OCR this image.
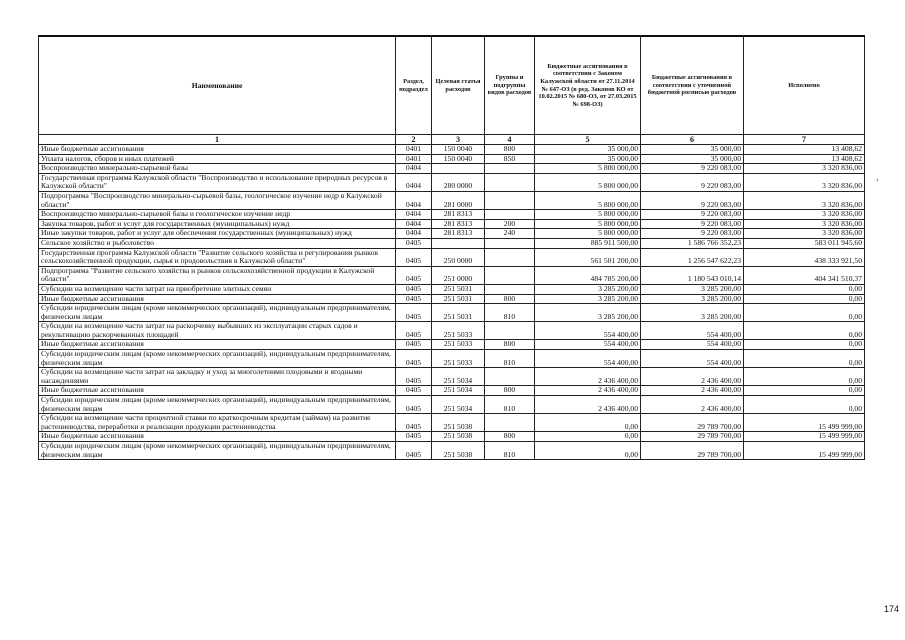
Наименование	Раздел, подраздел	Целевая статья расходов	Группы и подгруппы видов расходов	Бюджетные ассигнования в соответствии с Законом Калужской области от 27.11.2014 № 647-ОЗ (в ред. Законов КО от 10.02.2015 № 680-ОЗ, от 27.03.2015 № 698-ОЗ)	Бюджетные ассигнования в соответствии с уточненной бюджетной росписью расходов	Исполнено
1	2	3	4	5	6	7
Иные бюджетные ассигнования	0401	150 0040	800	35 000,00	35 000,00	13 408,62
Уплата налогов, сборов и иных платежей	0401	150 0040	850	35 000,00	35 000,00	13 408,62
Воспроизводство минерально-сырьевой базы	0404			5 800 000,00	9 220 083,00	3 320 836,00
Государственная программа Калужской области "Воспроизводство и использование природных ресурсов в Калужской области"	0404	280 0000		5 800 000,00	9 220 083,00	3 320 836,00
Подпрограмма "Воспроизводство минерально-сырьевой базы, геологическое изучение недр в Калужской области"	0404	281 0000		5 800 000,00	9 220 083,00	3 320 836,00
Воспроизводство минерально-сырьевой базы и геологическое изучение недр	0404	281 8313		5 800 000,00	9 220 083,00	3 320 836,00
Закупка товаров, работ и услуг для государственных (муниципальных) нужд	0404	281 8313	200	5 800 000,00	9 220 083,00	3 320 836,00
Иные закупки товаров, работ и услуг для обеспечения государственных (муниципальных) нужд	0404	281 8313	240	5 800 000,00	9 220 083,00	3 320 836,00
Сельское хозяйство и рыболовство	0405			885 911 500,00	1 586 766 352,23	583 011 945,60
Государственная программа Калужской области "Развитие сельского хозяйства и регулирования рынков сельскохозяйственной продукции, сырья и продовольствия в Калужской области"	0405	250 0000		561 501 200,00	1 256 547 622,23	438 333 921,50
Подпрограмма "Развитие сельского хозяйства и рынков сельскохозяйственной продукции в Калужской области"	0405	251 0000		484 785 200,00	1 180 543 010,14	404 341 510,37
Субсидии на возмещение части затрат на приобретение элитных семян	0405	251 5031		3 285 200,00	3 285 200,00	0,00
Иные бюджетные ассигнования	0405	251 5031	800	3 285 200,00	3 285 200,00	0,00
Субсидии юридическим лицам (кроме некоммерческих организаций), индивидуальным предпринимателям, физическим лицам	0405	251 5031	810	3 285 200,00	3 285 200,00	0,00
Субсидии на возмещение части затрат на раскорчевку выбывших из эксплуатации старых садов и рекультивацию раскорчеванных площадей	0405	251 5033		554 400,00	554 400,00	0,00
Иные бюджетные ассигнования	0405	251 5033	800	554 400,00	554 400,00	0,00
Субсидии юридическим лицам (кроме некоммерческих организаций), индивидуальным предпринимателям, физическим лицам	0405	251 5033	810	554 400,00	554 400,00	0,00
Субсидии на возмещение части затрат на закладку и уход за многолетними плодовыми и ягодными насаждениями	0405	251 5034		2 436 400,00	2 436 400,00	0,00
Иные бюджетные ассигнования	0405	251 5034	800	2 436 400,00	2 436 400,00	0,00
Субсидии юридическим лицам (кроме некоммерческих организаций), индивидуальным предпринимателям, физическим лицам	0405	251 5034	810	2 436 400,00	2 436 400,00	0,00
Субсидии на возмещение части процентной ставки по краткосрочным кредитам (займам) на развитие растениеводства, переработки и реализации продукции растениеводства	0405	251 5038		0,00	29 789 700,00	15 499 999,00
Иные бюджетные ассигнования	0405	251 5038	800	0,00	29 789 700,00	15 499 999,00
Субсидии юридическим лицам (кроме некоммерческих организаций), индивидуальным предпринимателям, физическим лицам	0405	251 5038	810	0,00	29 789 700,00	15 499 999,00
›
174
